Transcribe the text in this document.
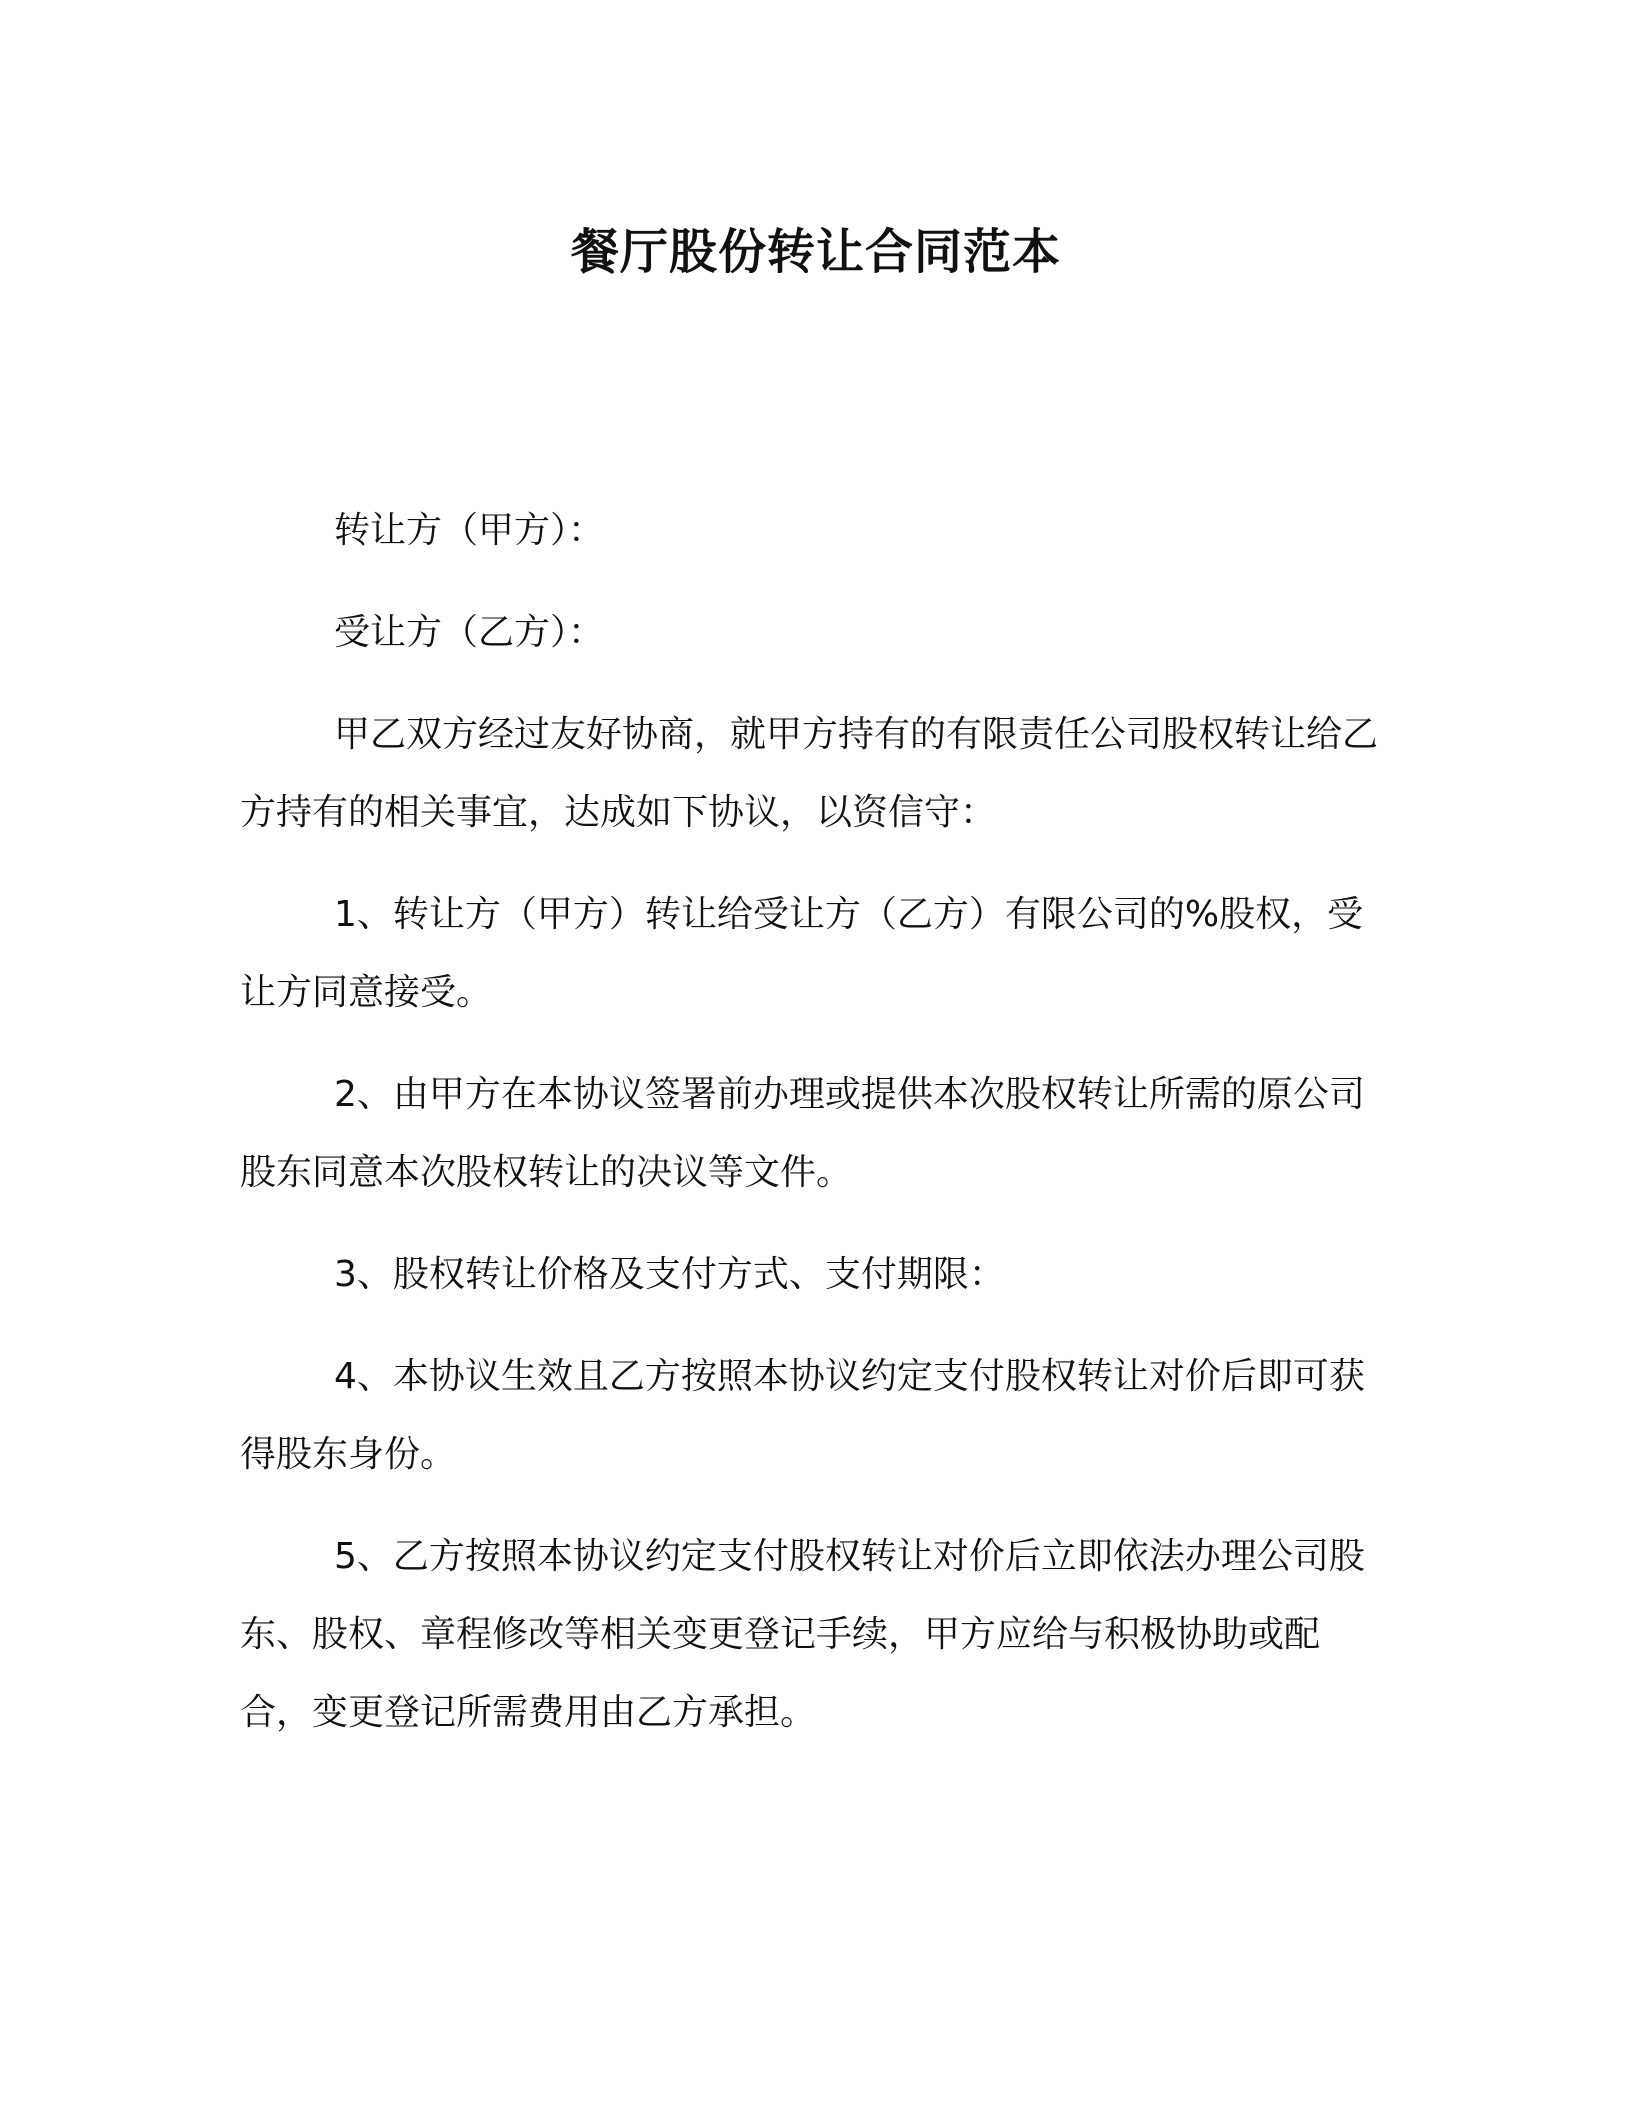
餐厅股份转让合同范本

转让方（甲方）：

受让方（乙方）：

甲乙双方经过友好协商，就甲方持有的有限责任公司股权转让给乙方持有的相关事宜，达成如下协议，以资信守：

1、转让方（甲方）转让给受让方（乙方）有限公司的%股权，受让方同意接受。

2、由甲方在本协议签署前办理或提供本次股权转让所需的原公司股东同意本次股权转让的决议等文件。

3、股权转让价格及支付方式、支付期限：

4、本协议生效且乙方按照本协议约定支付股权转让对价后即可获得股东身份。

5、乙方按照本协议约定支付股权转让对价后立即依法办理公司股东、股权、章程修改等相关变更登记手续，甲方应给与积极协助或配合，变更登记所需费用由乙方承担。
